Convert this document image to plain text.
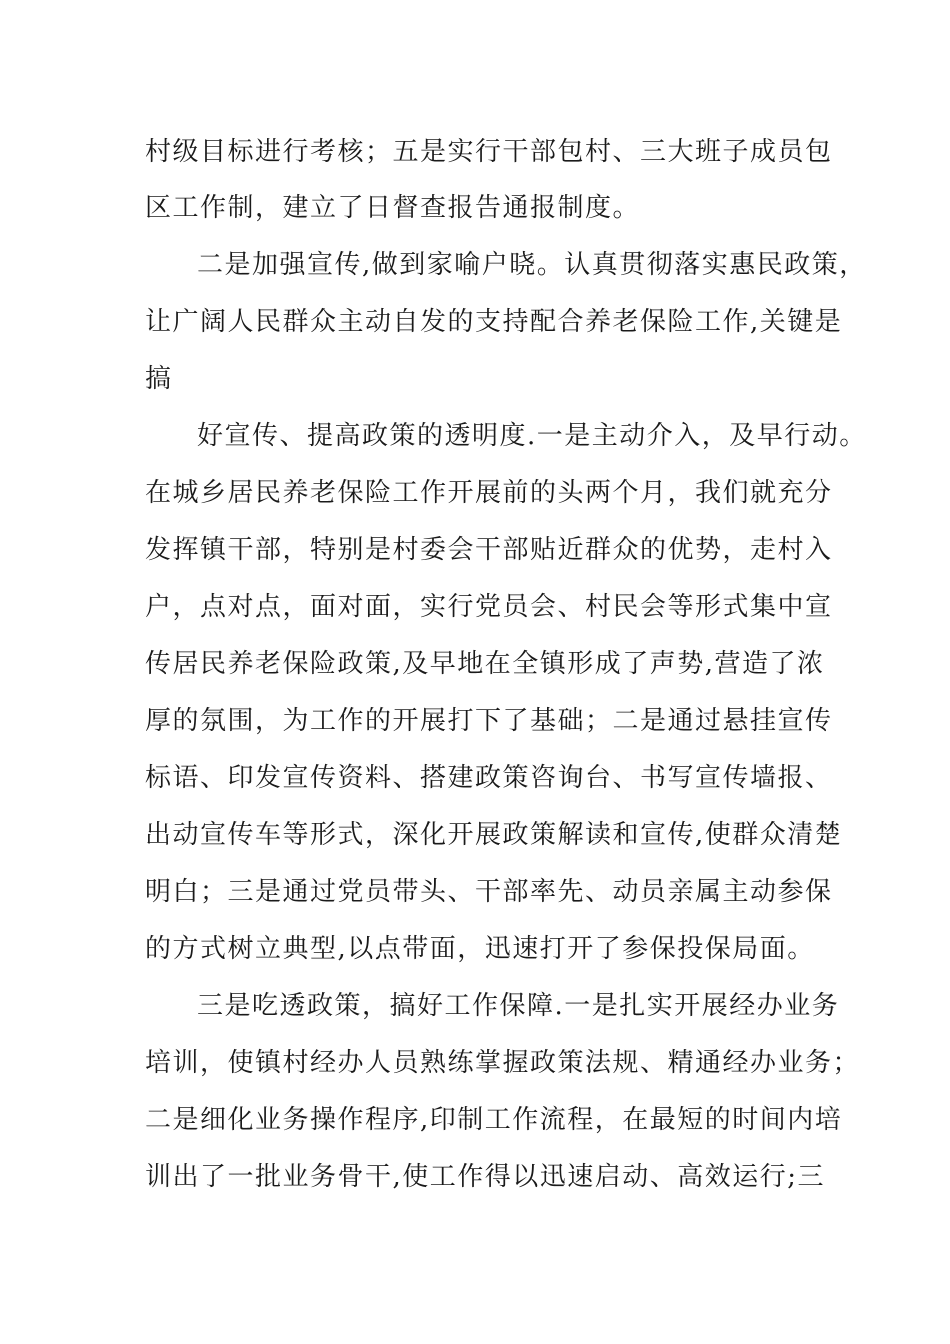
村级目标进行考核；五是实行干部包村、三大班子成员包
区工作制，建立了日督查报告通报制度。
二是加强宣传,做到家喻户晓。认真贯彻落实惠民政策，
让广阔人民群众主动自发的支持配合养老保险工作,关键是
搞
好宣传、提高政策的透明度.一是主动介入，及早行动。
在城乡居民养老保险工作开展前的头两个月，我们就充分
发挥镇干部，特别是村委会干部贴近群众的优势，走村入
户，点对点，面对面，实行党员会、村民会等形式集中宣
传居民养老保险政策,及早地在全镇形成了声势,营造了浓
厚的氛围，为工作的开展打下了基础；二是通过悬挂宣传
标语、印发宣传资料、搭建政策咨询台、书写宣传墙报、
出动宣传车等形式，深化开展政策解读和宣传,使群众清楚
明白；三是通过党员带头、干部率先、动员亲属主动参保
的方式树立典型,以点带面，迅速打开了参保投保局面。
三是吃透政策，搞好工作保障.一是扎实开展经办业务
培训，使镇村经办人员熟练掌握政策法规、精通经办业务；
二是细化业务操作程序,印制工作流程，在最短的时间内培
训出了一批业务骨干,使工作得以迅速启动、高效运行;三
